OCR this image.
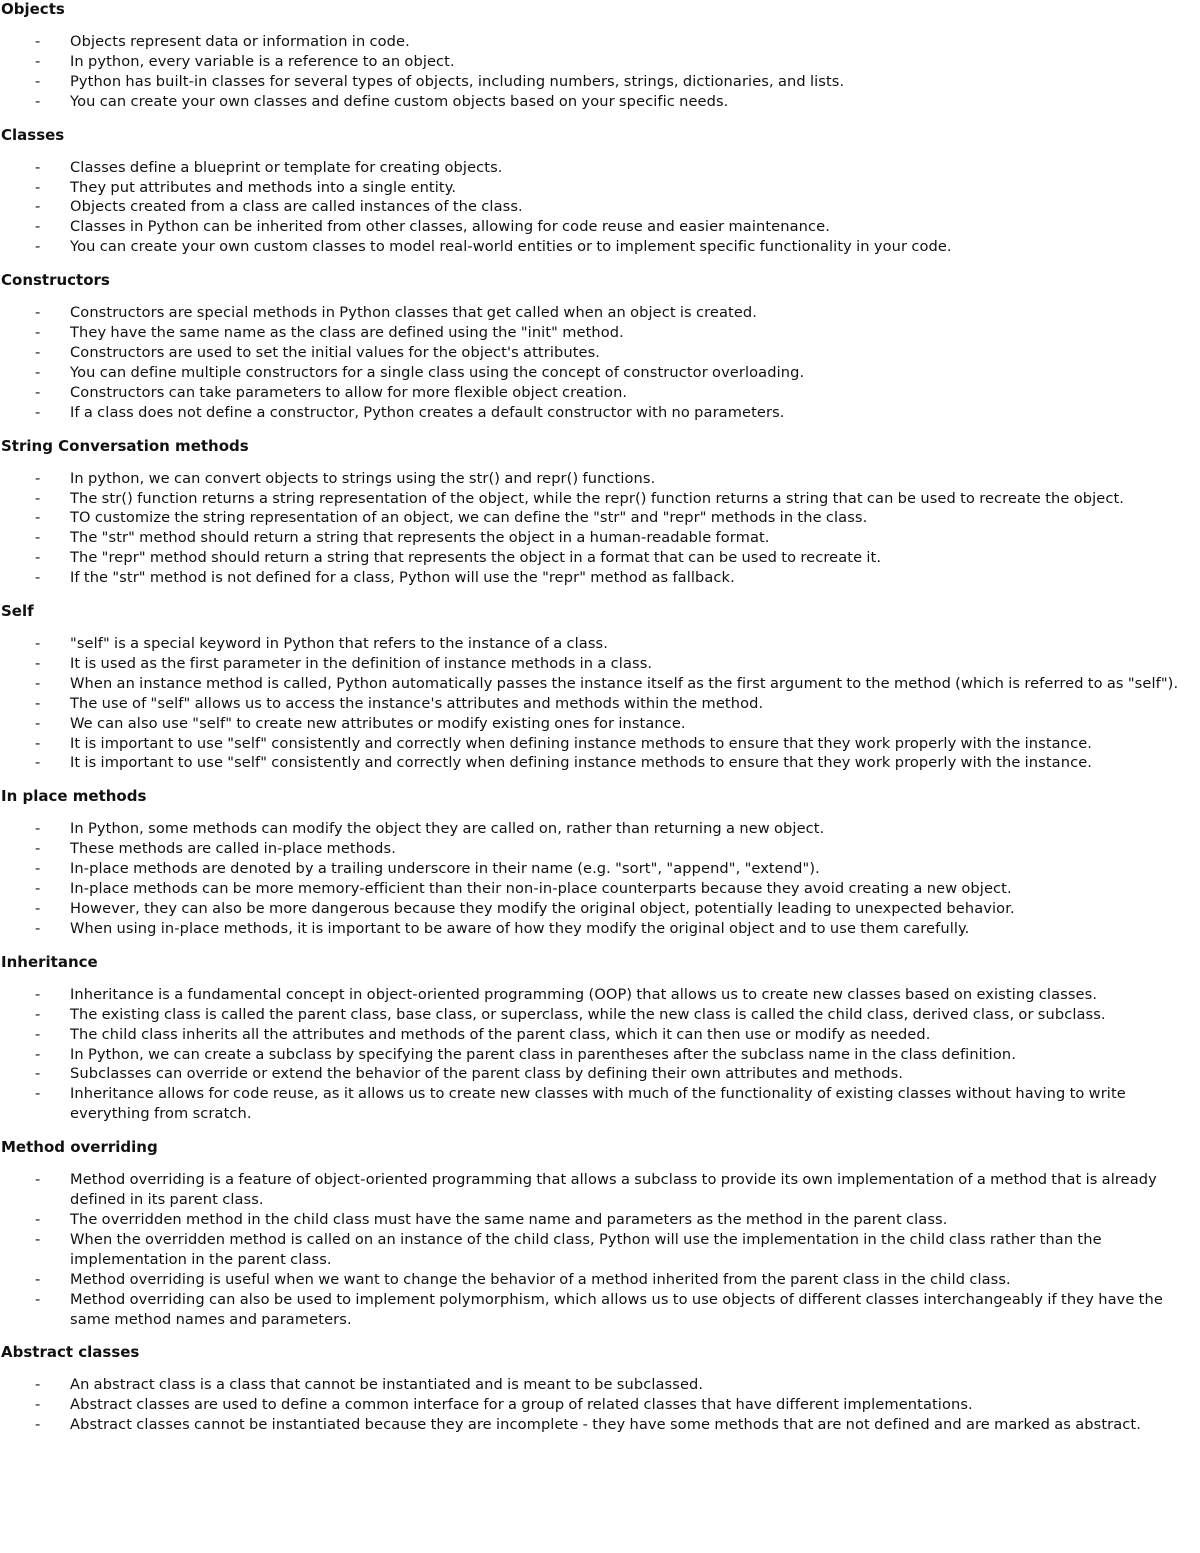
Objects
- Objects represent data or information in code.
- In python, every variable is a reference to an object.
- Python has built-in classes for several types of objects, including numbers, strings, dictionaries, and lists.
- You can create your own classes and define custom objects based on your specific needs.
Classes
- Classes define a blueprint or template for creating objects.
- They put attributes and methods into a single entity.
- Objects created from a class are called instances of the class.
- Classes in Python can be inherited from other classes, allowing for code reuse and easier maintenance.
- You can create your own custom classes to model real-world entities or to implement specific functionality in your code.
Constructors
- Constructors are special methods in Python classes that get called when an object is created.
- They have the same name as the class are defined using the "init" method.
- Constructors are used to set the initial values for the object's attributes.
- You can define multiple constructors for a single class using the concept of constructor overloading.
- Constructors can take parameters to allow for more flexible object creation.
- If a class does not define a constructor, Python creates a default constructor with no parameters.
String Conversation methods
- In python, we can convert objects to strings using the str() and repr() functions.
- The str() function returns a string representation of the object, while the repr() function returns a string that can be used to recreate the object.
- TO customize the string representation of an object, we can define the "str" and "repr" methods in the class.
- The "str" method should return a string that represents the object in a human-readable format.
- The "repr" method should return a string that represents the object in a format that can be used to recreate it.
- If the "str" method is not defined for a class, Python will use the "repr" method as fallback.
Self
- "self" is a special keyword in Python that refers to the instance of a class.
- It is used as the first parameter in the definition of instance methods in a class.
- When an instance method is called, Python automatically passes the instance itself as the first argument to the method (which is referred to as "self").
- The use of "self" allows us to access the instance's attributes and methods within the method.
- We can also use "self" to create new attributes or modify existing ones for instance.
- It is important to use "self" consistently and correctly when defining instance methods to ensure that they work properly with the instance.
- It is important to use "self" consistently and correctly when defining instance methods to ensure that they work properly with the instance.
In place methods
- In Python, some methods can modify the object they are called on, rather than returning a new object.
- These methods are called in-place methods.
- In-place methods are denoted by a trailing underscore in their name (e.g. "sort", "append", "extend").
- In-place methods can be more memory-efficient than their non-in-place counterparts because they avoid creating a new object.
- However, they can also be more dangerous because they modify the original object, potentially leading to unexpected behavior.
- When using in-place methods, it is important to be aware of how they modify the original object and to use them carefully.
Inheritance
- Inheritance is a fundamental concept in object-oriented programming (OOP) that allows us to create new classes based on existing classes.
- The existing class is called the parent class, base class, or superclass, while the new class is called the child class, derived class, or subclass.
- The child class inherits all the attributes and methods of the parent class, which it can then use or modify as needed.
- In Python, we can create a subclass by specifying the parent class in parentheses after the subclass name in the class definition.
- Subclasses can override or extend the behavior of the parent class by defining their own attributes and methods.
- Inheritance allows for code reuse, as it allows us to create new classes with much of the functionality of existing classes without having to write everything from scratch.
Method overriding
- Method overriding is a feature of object-oriented programming that allows a subclass to provide its own implementation of a method that is already defined in its parent class.
- The overridden method in the child class must have the same name and parameters as the method in the parent class.
- When the overridden method is called on an instance of the child class, Python will use the implementation in the child class rather than the implementation in the parent class.
- Method overriding is useful when we want to change the behavior of a method inherited from the parent class in the child class.
- Method overriding can also be used to implement polymorphism, which allows us to use objects of different classes interchangeably if they have the same method names and parameters.
Abstract classes
- An abstract class is a class that cannot be instantiated and is meant to be subclassed.
- Abstract classes are used to define a common interface for a group of related classes that have different implementations.
- Abstract classes cannot be instantiated because they are incomplete - they have some methods that are not defined and are marked as abstract.
